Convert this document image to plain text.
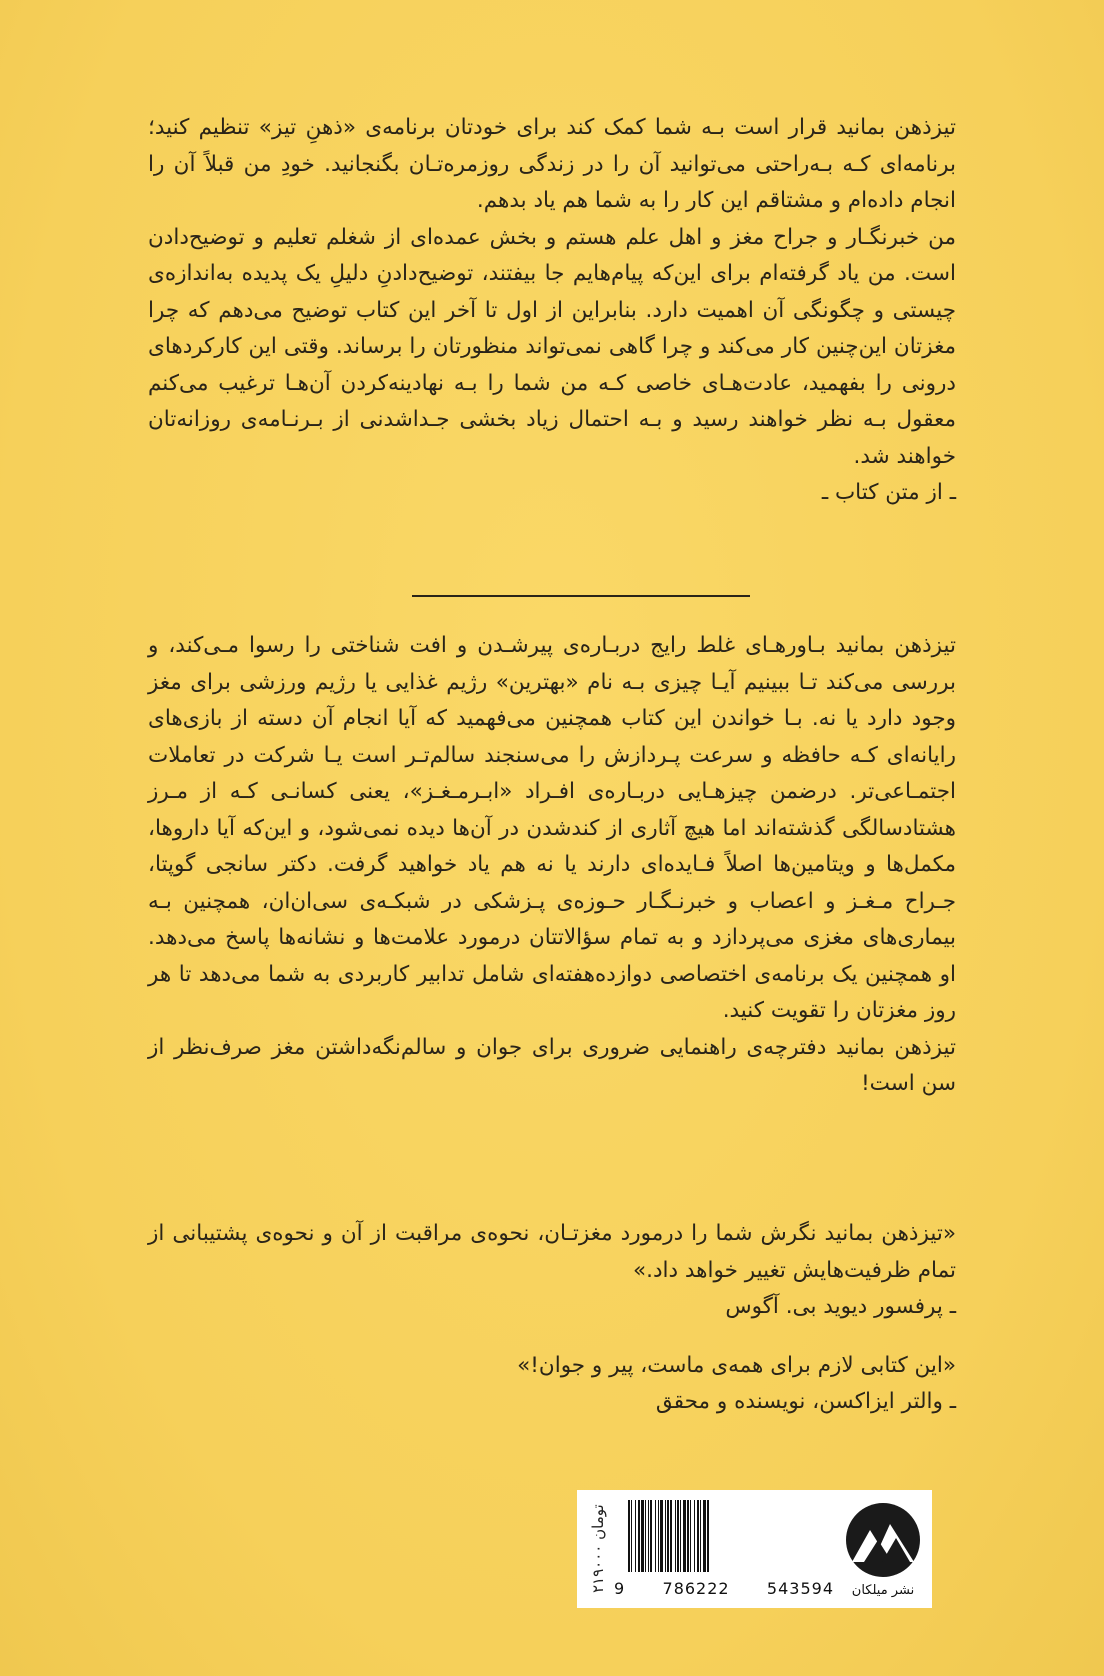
تیزذهن بمانید قرار است بـه شما کمک کند برای خودتان برنامه‌ی «ذهنِ تیز» تنظیم کنید؛ برنامه‌ای کـه بـه‌راحتی می‌توانید آن را در زندگی روزمره‌تـان بگنجانید. خودِ من قبلاً آن را انجام داده‌ام و مشتاقم این کار را به شما هم یاد بدهم.

من خبرنگـار و جراح مغز و اهل علم هستم و بخش عمده‌ای از شغلم تعلیم و توضیح‌دادن است. من یاد گرفته‌ام برای این‌که پیام‌هایم جا بیفتند، توضیح‌دادنِ دلیلِ یک پدیده به‌اندازه‌ی چیستی و چگونگی آن اهمیت دارد. بنابراین از اول تا آخر این کتاب توضیح می‌دهم که چرا مغزتان این‌چنین کار می‌کند و چرا گاهی نمی‌تواند منظورتان را برساند. وقتی این کارکردهای درونی را بفهمید، عادت‌هـای خاصی کـه من شما را بـه نهادینه‌کردن آن‌هـا ترغیب می‌کنم معقول بـه نظر خواهند رسید و بـه احتمال زیاد بخشی جـداشدنی از بـرنـامه‌ی روزانه‌تان خواهند شد.

ـ از متن کتاب ـ

تیزذهن بمانید بـاورهـای غلط رایج دربـاره‌ی پیرشـدن و افت شناختی را رسوا مـی‌کند، و بررسی می‌کند تـا ببینیم آیـا چیزی بـه نام «بهترین» رژیم غذایی یا رژیم ورزشی برای مغز وجود دارد یا نه. بـا خواندن این کتاب همچنین می‌فهمید که آیا انجام آن دسته از بازی‌های رایانه‌ای کـه حافظه و سرعت پـردازش را می‌سنجند سالم‌تـر است یـا شرکت در تعاملات اجتمـاعی‌تر. درضمن چیزهـایی دربـاره‌ی افـراد «ابـرمـغـز»، یعنی کسانـی کـه از مـرز هشتادسالگی گذشته‌اند اما هیچ آثاری از کندشدن در آن‌ها دیده نمی‌شود، و این‌که آیا داروها، مکمل‌ها و ویتامین‌ها اصلاً فـایده‌ای دارند یا نه هم یاد خواهید گرفت. دکتر سانجی گوپتا، جـراح مـغـز و اعصاب و خبرنـگـار حـوزه‌ی پـزشکی در شبکـه‌ی سی‌ان‌ان، همچنین بـه بیماری‌های مغزی می‌پردازد و به تمام سؤالاتتان درمورد علامت‌ها و نشانه‌ها پاسخ می‌دهد. او همچنین یک برنامه‌ی اختصاصی دوازده‌هفته‌ای شامل تدابیر کاربردی به شما می‌دهد تا هر روز مغزتان را تقویت کنید.

تیزذهن بمانید دفترچه‌ی راهنمایی ضروری برای جوان و سالم‌نگه‌داشتن مغز صرف‌نظر از سن است!

«تیزذهن بمانید نگرش شما را درمورد مغزتـان، نحوه‌ی مراقبت از آن و نحوه‌ی پشتیبانی از تمام ظرفیت‌هایش تغییر خواهد داد.»

ـ پرفسور دیوید بی. آگوس

«این کتابی لازم برای همه‌ی ماست، پیر و جوان!»

ـ والتر ایزاکسن، نویسنده و محقق

۲۱۹۰۰۰ تومان
9 786222 543594	نشر میلکان
